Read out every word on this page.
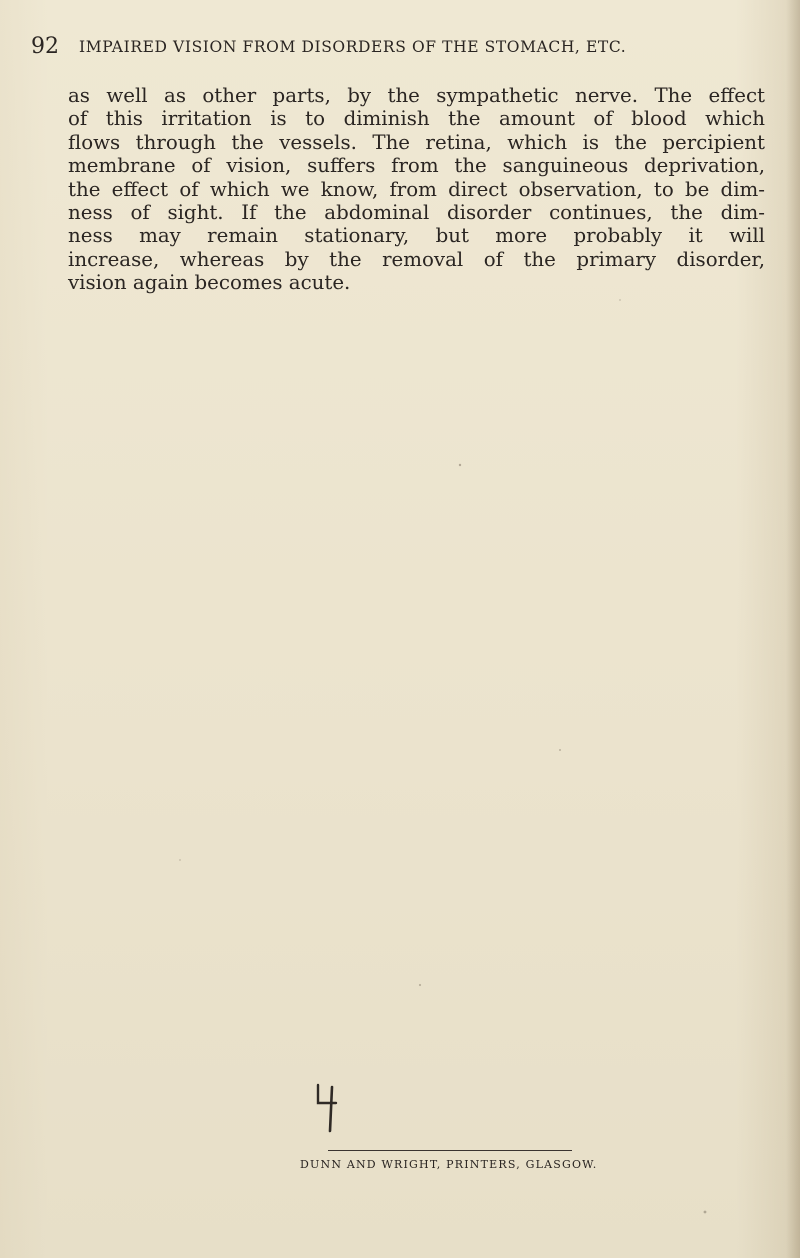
92 IMPAIRED VISION FROM DISORDERS OF THE STOMACH, ETC.

as well as other parts, by the sympathetic nerve. The effect
of this irritation is to diminish the amount of blood which
flows through the vessels. The retina, which is the percipient
membrane of vision, suffers from the sanguineous deprivation,
the effect of which we know, from direct observation, to be dim-
ness of sight. If the abdominal disorder continues, the dim-
ness may remain stationary, but more probably it will
increase, whereas by the removal of the primary disorder,
vision again becomes acute.

DUNN AND WRIGHT, PRINTERS, GLASGOW.
